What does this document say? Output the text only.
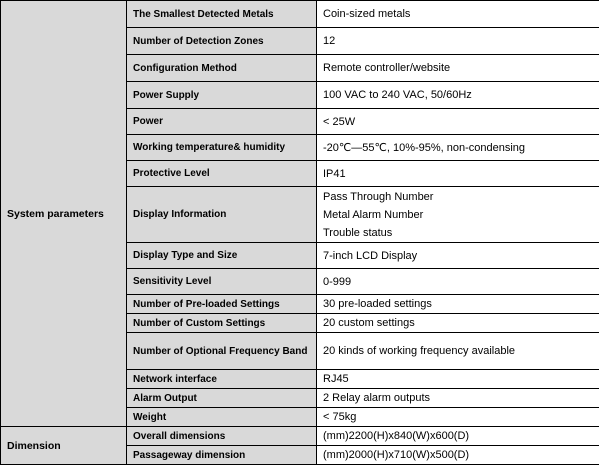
System parameters	The Smallest Detected Metals	Coin-sized metals
	Number of Detection Zones	12
	Configuration Method	Remote controller/website
	Power Supply	100 VAC to 240 VAC, 50/60Hz
	Power	< 25W
	Working temperature& humidity	-20℃—55℃, 10%-95%, non-condensing
	Protective Level	IP41
	Display Information	Pass Through Number
Metal Alarm Number
Trouble status

	Display Type and Size	7-inch LCD Display
	Sensitivity Level	0-999
	Number of Pre-loaded Settings	30 pre-loaded settings
	Number of Custom Settings	20 custom settings
	Number of Optional Frequency Band	20 kinds of working frequency available
	Network interface	RJ45
	Alarm Output	2 Relay alarm outputs
	Weight	< 75kg
Dimension	Overall dimensions	(mm)2200(H)x840(W)x600(D)
	Passageway dimension	(mm)2000(H)x710(W)x500(D)
